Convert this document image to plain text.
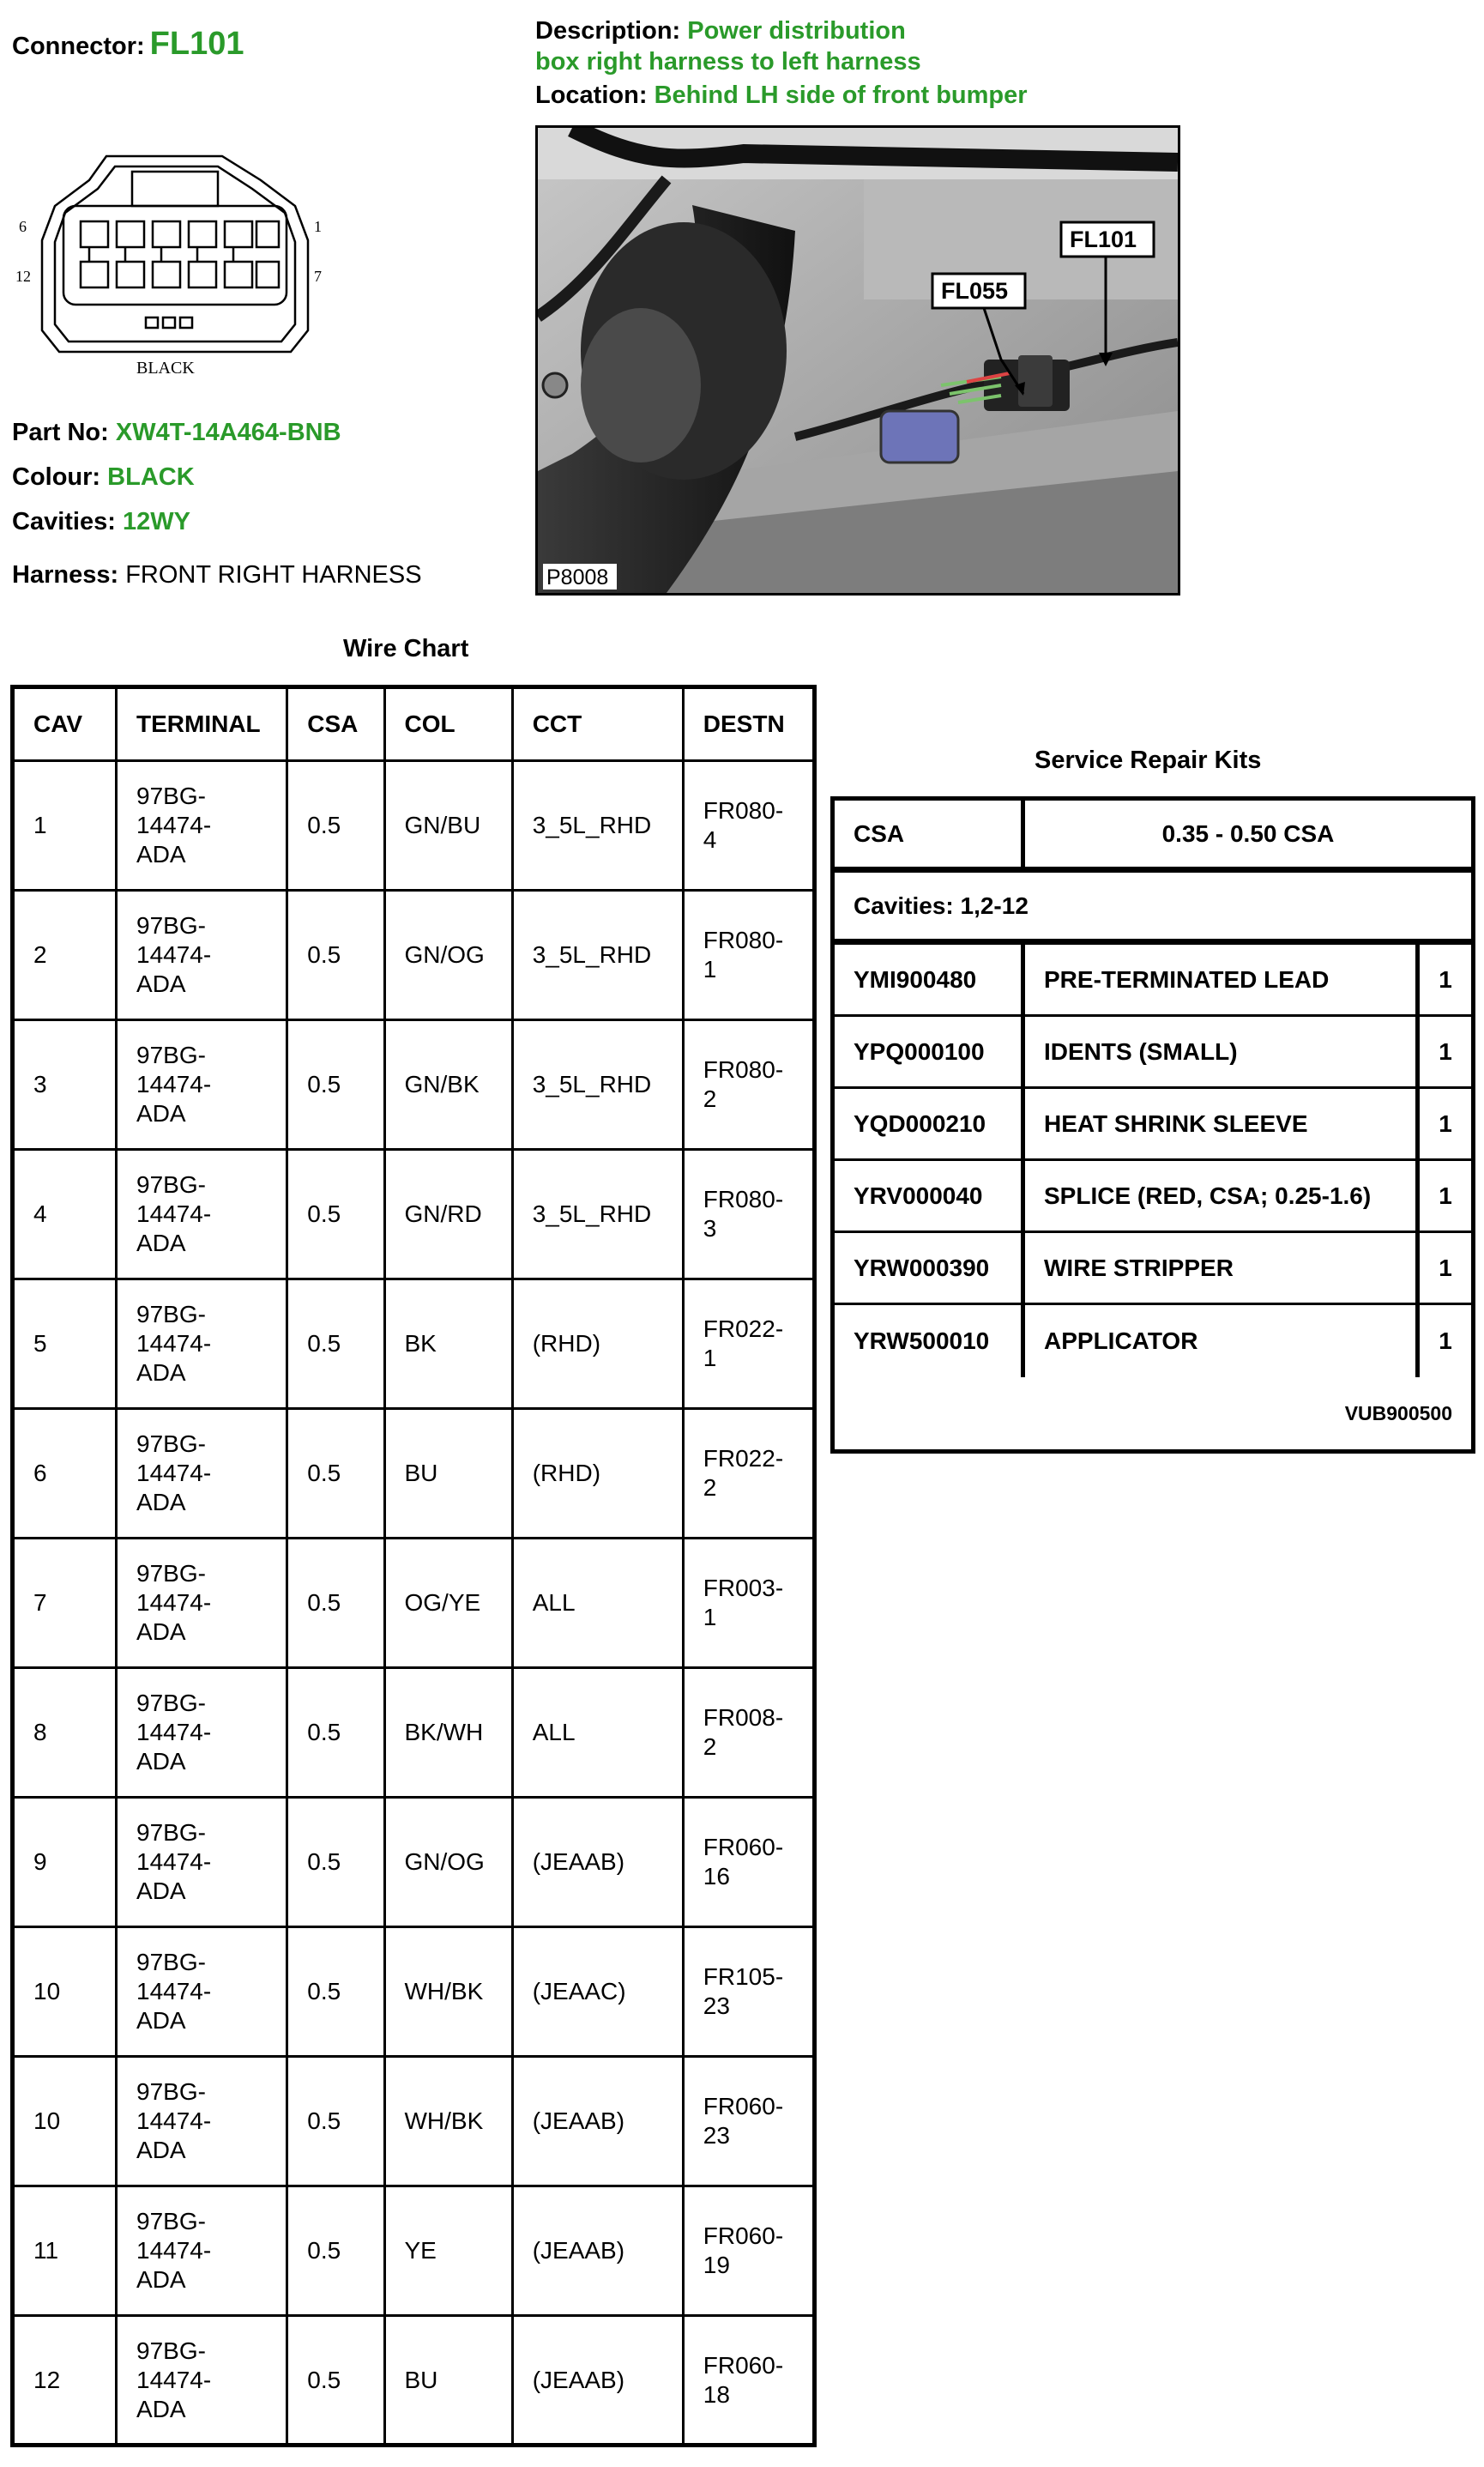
Connector: FL101
6
12
1
7
BLACK
Part No: XW4T-14A464-BNB
Colour: BLACK
Cavities: 12WY
Harness: FRONT RIGHT HARNESS
Description: Power distribution
box right harness to left harness
Location: Behind LH side of front bumper
FL055
FL101
P8008
Wire Chart
CAV	TERMINAL	CSA	COL	CCT	DESTN
1	97BG-
14474-
ADA	0.5	GN/BU	3_5L_RHD	FR080-
4
2	97BG-
14474-
ADA	0.5	GN/OG	3_5L_RHD	FR080-
1
3	97BG-
14474-
ADA	0.5	GN/BK	3_5L_RHD	FR080-
2
4	97BG-
14474-
ADA	0.5	GN/RD	3_5L_RHD	FR080-
3
5	97BG-
14474-
ADA	0.5	BK	(RHD)	FR022-
1
6	97BG-
14474-
ADA	0.5	BU	(RHD)	FR022-
2
7	97BG-
14474-
ADA	0.5	OG/YE	ALL	FR003-
1
8	97BG-
14474-
ADA	0.5	BK/WH	ALL	FR008-
2
9	97BG-
14474-
ADA	0.5	GN/OG	(JEAAB)	FR060-
16
10	97BG-
14474-
ADA	0.5	WH/BK	(JEAAC)	FR105-
23
10	97BG-
14474-
ADA	0.5	WH/BK	(JEAAB)	FR060-
23
11	97BG-
14474-
ADA	0.5	YE	(JEAAB)	FR060-
19
12	97BG-
14474-
ADA	0.5	BU	(JEAAB)	FR060-
18
Service Repair Kits
CSA	0.35 - 0.50 CSA
Cavities: 1,2-12
YMI900480	PRE-TERMINATED LEAD	1
YPQ000100	IDENTS (SMALL)	1
YQD000210	HEAT SHRINK SLEEVE	1
YRV000040	SPLICE (RED, CSA; 0.25-1.6)	1
YRW000390	WIRE STRIPPER	1
YRW500010	APPLICATOR	1
VUB900500
